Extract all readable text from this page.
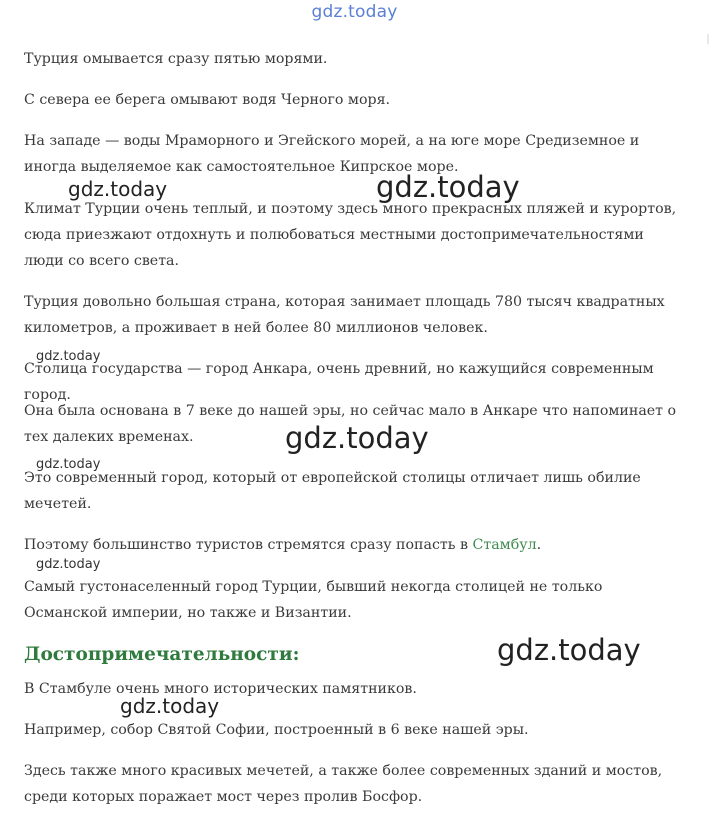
gdz.today

Турция омывается сразу пятью морями.

С севера ее берега омывают водя Черного моря.

На западе — воды Мраморного и Эгейского морей, а на юге море Средиземное и иногда выделяемое как самостоятельное Кипрское море.

Климат Турции очень теплый, и поэтому здесь много прекрасных пляжей и курортов, сюда приезжают отдохнуть и полюбоваться местными достопримечательностями люди со всего света.

Турция довольно большая страна, которая занимает площадь 780 тысяч квадратных километров, а проживает в ней более 80 миллионов человек.

Столица государства — город Анкара, очень древний, но кажущийся современным город.

Она была основана в 7 веке до нашей эры, но сейчас мало в Анкаре что напоминает о тех далеких временах.

Это современный город, который от европейской столицы отличает лишь обилие мечетей.

Поэтому большинство туристов стремятся сразу попасть в Стамбул.

Самый густонаселенный город Турции, бывший некогда столицей не только Османской империи, но также и Византии.

Достопримечательности:

В Стамбуле очень много исторических памятников.

Например, собор Святой Софии, построенный в 6 веке нашей эры.

Здесь также много красивых мечетей, а также более современных зданий и мостов, среди которых поражает мост через пролив Босфор.

gdz.today	gdz.today
gdz.today
gdz.today
gdz.today
gdz.today
gdz.today
gdz.today
